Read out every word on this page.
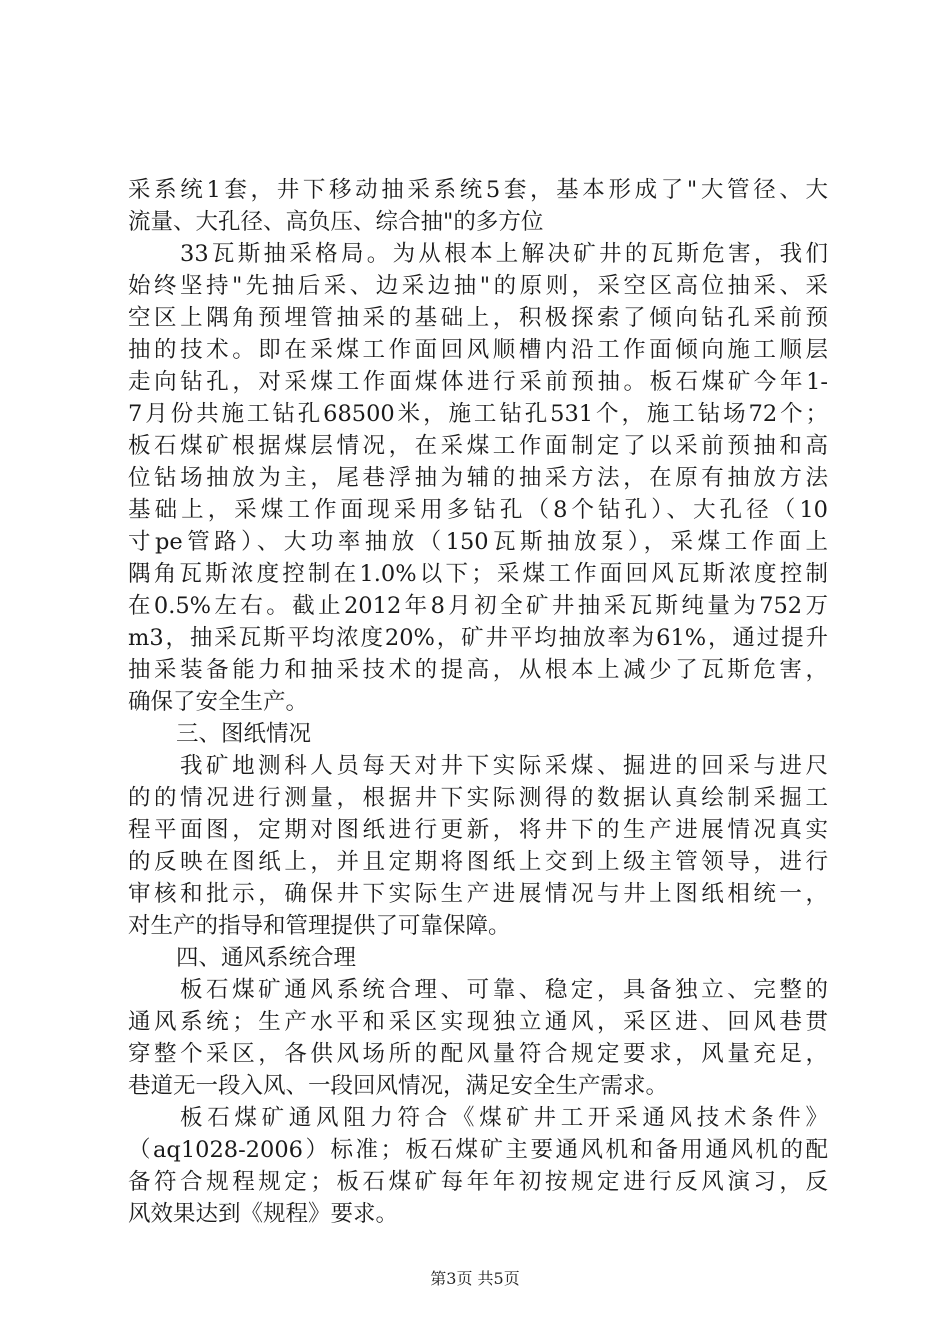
采系统1套，井下移动抽采系统5套，基本形成了"大管径、大
流量、大孔径、高负压、综合抽"的多方位
33瓦斯抽采格局。为从根本上解决矿井的瓦斯危害，我们
始终坚持"先抽后采、边采边抽"的原则，采空区高位抽采、采
空区上隅角预埋管抽采的基础上，积极探索了倾向钻孔采前预
抽的技术。即在采煤工作面回风顺槽内沿工作面倾向施工顺层
走向钻孔，对采煤工作面煤体进行采前预抽。板石煤矿今年1-
7月份共施工钻孔68500米，施工钻孔531个，施工钻场72个；
板石煤矿根据煤层情况，在采煤工作面制定了以采前预抽和高
位钻场抽放为主，尾巷浮抽为辅的抽采方法，在原有抽放方法
基础上，采煤工作面现采用多钻孔（8个钻孔）、大孔径（10
寸pe管路）、大功率抽放（150瓦斯抽放泵），采煤工作面上
隅角瓦斯浓度控制在1.0%以下；采煤工作面回风瓦斯浓度控制
在0.5%左右。截止2012年8月初全矿井抽采瓦斯纯量为752万
m3，抽采瓦斯平均浓度20%，矿井平均抽放率为61%，通过提升
抽采装备能力和抽采技术的提高，从根本上减少了瓦斯危害，
确保了安全生产。
三、图纸情况
我矿地测科人员每天对井下实际采煤、掘进的回采与进尺
的的情况进行测量，根据井下实际测得的数据认真绘制采掘工
程平面图，定期对图纸进行更新，将井下的生产进展情况真实
的反映在图纸上，并且定期将图纸上交到上级主管领导，进行
审核和批示，确保井下实际生产进展情况与井上图纸相统一，
对生产的指导和管理提供了可靠保障。
四、通风系统合理
板石煤矿通风系统合理、可靠、稳定，具备独立、完整的
通风系统；生产水平和采区实现独立通风，采区进、回风巷贯
穿整个采区，各供风场所的配风量符合规定要求，风量充足，
巷道无一段入风、一段回风情况，满足安全生产需求。
板石煤矿通风阻力符合《煤矿井工开采通风技术条件》
（aq1028-2006）标准；板石煤矿主要通风机和备用通风机的配
备符合规程规定；板石煤矿每年年初按规定进行反风演习，反
风效果达到《规程》要求。
第3页 共5页
